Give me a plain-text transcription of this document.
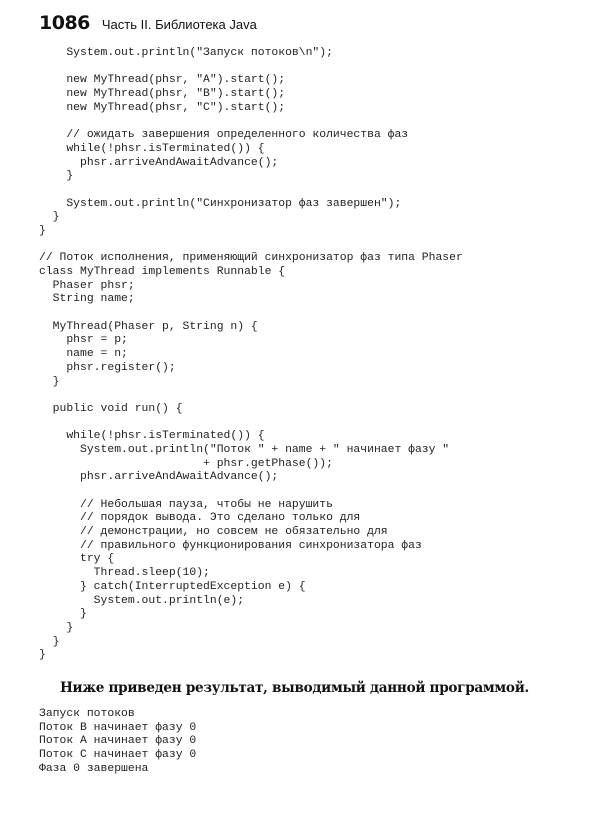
1086 Часть II. Библиотека Java
System.out.println("Запуск потоков\n");
new MyThread(phsr, "A").start();
new MyThread(phsr, "B").start();
new MyThread(phsr, "C").start();
// ожидать завершения определенного количества фаз
while(!phsr.isTerminated()) {
phsr.arriveAndAwaitAdvance();
}
System.out.println("Синхронизатор фаз завершен");
}
}
// Поток исполнения, применяющий синхронизатор фаз типа Phaser
class MyThread implements Runnable {
Phaser phsr;
String name;
MyThread(Phaser p, String n) {
phsr = p;
name = n;
phsr.register();
}
public void run() {
while(!phsr.isTerminated()) {
System.out.println("Поток " + name + " начинает фазу "
+ phsr.getPhase());
phsr.arriveAndAwaitAdvance();
// Небольшая пауза, чтобы не нарушить
// порядок вывода. Это сделано только для
// демонстрации, но совсем не обязательно для
// правильного функционирования синхронизатора фаз
try {
Thread.sleep(10);
} catch(InterruptedException e) {
System.out.println(e);
}
}
}
}

Ниже приведен результат, выводимый данной программой.

Запуск потоков
Поток B начинает фазу 0
Поток A начинает фазу 0
Поток C начинает фазу 0
Фаза 0 завершена
